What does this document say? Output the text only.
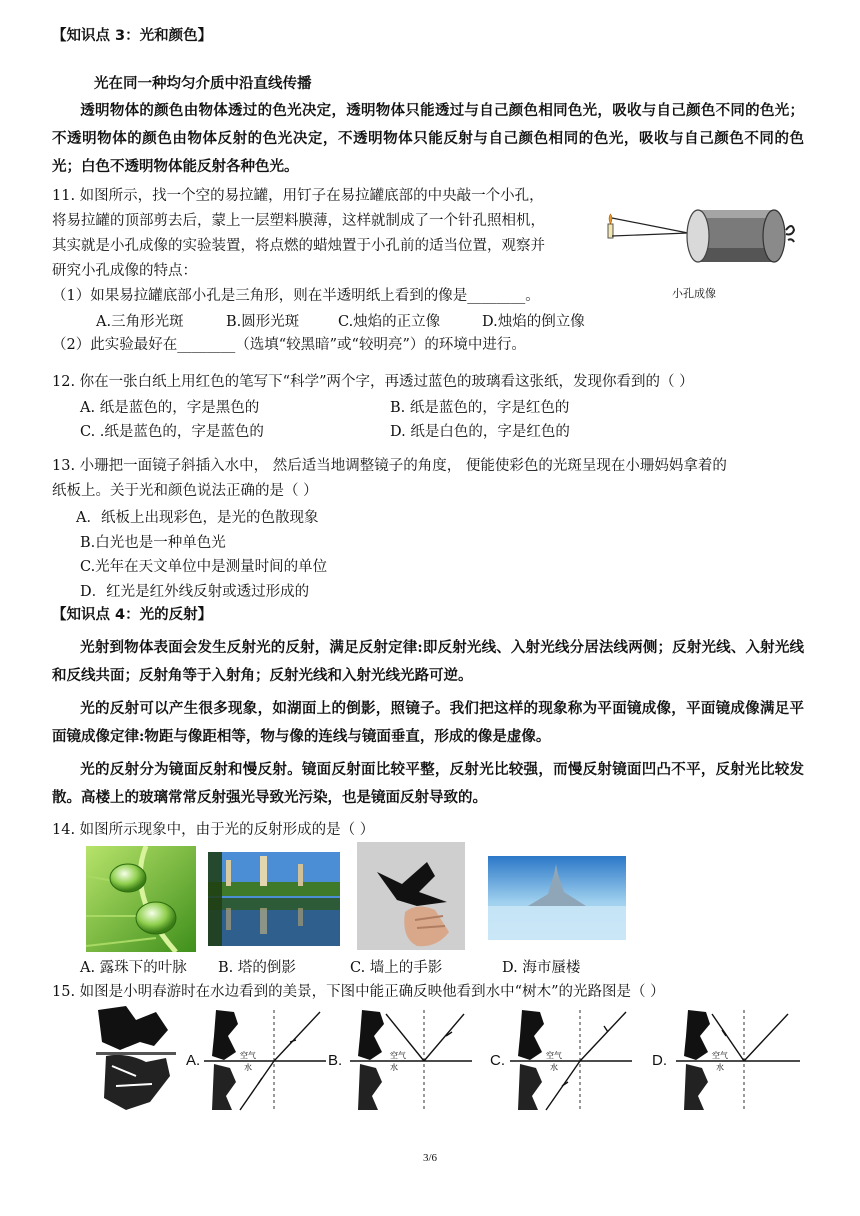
【知识点 3：光和颜色】
光在同一种均匀介质中沿直线传播
透明物体的颜色由物体透过的色光决定，透明物体只能透过与自己颜色相同色光，吸收与自己颜色不同的色光；不透明物体的颜色由物体反射的色光决定，不透明物体只能反射与自己颜色相同的色光，吸收与自己颜色不同的色光；白色不透明物体能反射各种色光。
11. 如图所示，找一个空的易拉罐，用钉子在易拉罐底部的中央敲一个小孔，
将易拉罐的顶部剪去后，蒙上一层塑料膜薄，这样就制成了一个针孔照相机，
其实就是小孔成像的实验装置，将点燃的蜡烛置于小孔前的适当位置，观察并
研究小孔成像的特点：
（1）如果易拉罐底部小孔是三角形，则在半透明纸上看到的像是________。
A.三角形光斑	B.圆形光斑	C.烛焰的正立像	D.烛焰的倒立像
（2）此实验最好在________（选填“较黑暗”或“较明亮”）的环境中进行。
小孔成像
12. 你在一张白纸上用红色的笔写下“科学”两个字，再透过蓝色的玻璃看这张纸，发现你看到的（ ）
A. 纸是蓝色的，字是黑色的	B. 纸是蓝色的，字是红色的
C. .纸是蓝色的，字是蓝色的	D. 纸是白色的，字是红色的
13. 小珊把一面镜子斜插入水中， 然后适当地调整镜子的角度， 便能使彩色的光斑呈现在小珊妈妈拿着的
纸板上。关于光和颜色说法正确的是（ ）
A．纸板上出现彩色，是光的色散现象
B.白光也是一种单色光
C.光年在天文单位中是测量时间的单位
D．红光是红外线反射或透过形成的
【知识点 4：光的反射】
光射到物体表面会发生反射光的反射，满足反射定律:即反射光线、入射光线分居法线两侧；反射光线、入射光线和反线共面；反射角等于入射角；反射光线和入射光线光路可逆。
光的反射可以产生很多现象，如湖面上的倒影，照镜子。我们把这样的现象称为平面镜成像，平面镜成像满足平面镜成像定律:物距与像距相等，物与像的连线与镜面垂直，形成的像是虚像。
光的反射分为镜面反射和慢反射。镜面反射面比较平整，反射光比较强，而慢反射镜面凹凸不平，反射光比较发散。高楼上的玻璃常常反射强光导致光污染，也是镜面反射导致的。
14. 如图所示现象中，由于光的反射形成的是（ ）
A. 露珠下的叶脉 B. 塔的倒影	C. 墙上的手影	D. 海市蜃楼
15. 如图是小明春游时在水边看到的美景，下图中能正确反映他看到水中“树木”的光路图是（ ）
A.	空气
水	B.	空气
水	C.	空气
水	D.	空气
水
3/6
